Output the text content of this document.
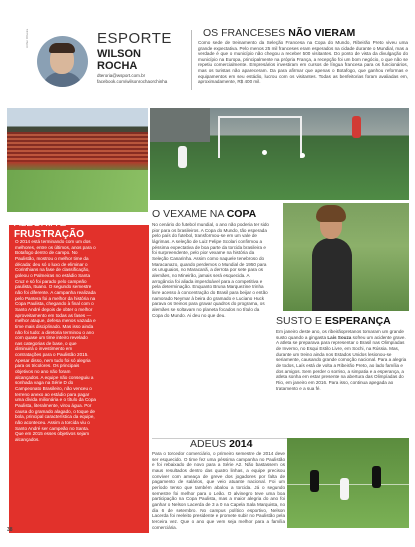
Arthur Oliveira	ESPORTE
WILSON ROCHA
dteroria@wsport.com.br
facebook.com/wilsonrochaorchinha
OS FRANCESES NÃO VIERAM
Como sede de treinamento da Seleção Francesa na Copa do Mundo, Ribeirão Preto viveu uma grande expectativa. Pelo menos 25 mil franceses eram esperados na cidade durante o Mundial, mas a verdade é que o município não chegou a receber 500 visitantes. Do ponto de vista da divulgação do município na Europa, principalmente na própria França, a recepção foi um bom negócio, o que não se repetiu comercialmente. Empresários investiram em cursos de língua francesa para os funcionários, mas os turistas não apareceram. Da para afirmar que apenas o Botafogo, que ganhou reformas e equipamentos em seu estádio, lucrou com os visitantes. Todas as benfeitorias foram avaliadas em, aproximadamente, R$ 400 mil.
ALEGRIA E
FRUSTRAÇÃO
O 2014 está terminando com um dos melhores, entre os últimos, anos para o Botafogo dentro de campo. No Paulistão, mostrou o melhor time da década: deu só o luxo de eliminar o Corinthians na fase de classificação, goleou o Palmeiras no estádio Santa Cruz e só foi parado pelo campeão paulista, Ituano. O segundo semestre não foi diferente. A campanha realizada pelo Pantera foi a melhor da história na Copa Paulista, chegando à final com o Santo André depois de obter o melhor aproveitamento em todas as fases — melhor ataque, defesa menos vazada e time mais disciplinado. Mas isso ainda não foi tudo: a diretoria terminou o ano com quase um time inteiro revelado nas categorias de base, o que diminuirá o investimento em contratações para o Paulistão 2015. Apesar disso, nem tudo foi só alegria para os tricolores. Os principais objetivos no ano não foram alcançados. A equipe não conseguiu a sonhada vaga na Série D do Campeonato Brasileiro, não venceu o terreno anexo ao estádio para pagar uma dívida milionária e o título da Copa Paulista, literalmente, virou água. Por causa do gramado alagado, o toque de bola, principal característica da equipe, não aconteceu. Assim a torcida viu o Santo André ser campeão no Santa. Que em 2015 esses objetivos sejam alcançados.
O VEXAME NA COPA
No cenário do futebol mundial, o ano não poderia ter sido pior para os brasileiros. A Copa do Mundo, tão esperada pelo país do futebol, transformou-se em um vale de lágrimas. A seleção de Luiz Felipe Scolari confirmou a péssima expectativa de boa parte da torcida brasileira e foi surpreendente, pelo pior vexame na história da Seleção Canarinha. Assim como naquele tenebroso do Maracanazo, quando perdemos o Mundial de 1950 para os uruguaios, no Maracanã, a derrota por sete para os alemães, no Mineirão, jamais será esquecida. A arrogância foi aliada imperdoável para a competitiva e pela determinação. Enquanto Bruna Marquezine trinha livre acesso à concentração do Brasil para beijar o então namorado Neymar à beira do gramado e Luciano Huck parava os treinos para gravar quadros do programa, os alemães se soltavam no planeta focados no título da Copa do Mundo. Ai deu no que deu.	SUSTO E ESPERANÇA
Em janeiro deste ano, os ribeirãopretanos tomaram um grande susto quando a gingasta Laís Souza sofreu um acidente grave. A atleta se preparava para representar o Brasil nas Olimpíadas de Inverno, no Esqui Estilo Livre, em Sochi, na Rússia. Mas, durante um treino ainda nos Estados Unidos lesionou-se seriamente, causando grande comoção nacional. Para a alegria de todos, Laís está de volta a Ribeirão Preto, ao lado família e dos amigos. Sem perder o sorriso, a simpatia e a esperança, a atleta sonha em estar presente na abertura das Olimpíadas do Rio, em janeiro em 2016. Para isso, continua apegada ao tratamento e a sua fé.
ADEUS 2014
Para o torcedor comerciário, o primeiro semestre de 2014 deve ser esquecido. O time fez uma péssima campanha no Paulistão e foi rebaixado de novo para a Série A2. Não bastassem os maus resultados dentro das quatro linhas, a equipe precisou conviver com ameaça de greve dos jogadores por falta de pagamento de salários, que veio atuante nacional. Foi um período tenso que também abalou a torcida. Já o segundo semestre foi melhor para o Leão. O alvinegro teve uma boa participação na Copa Paulista, mas a maior alegria do ano foi ganhar o Nelson Lacerda de 3 a 0 na Capela Sala Marquista, no dia 6 de setembro. No campus político esportivo, Nelson Lacerda foi reeleito presidente e promete subir no Paulistão pela terceira vez. Que o ano que vem seja melhor para a família comerciária.
38
